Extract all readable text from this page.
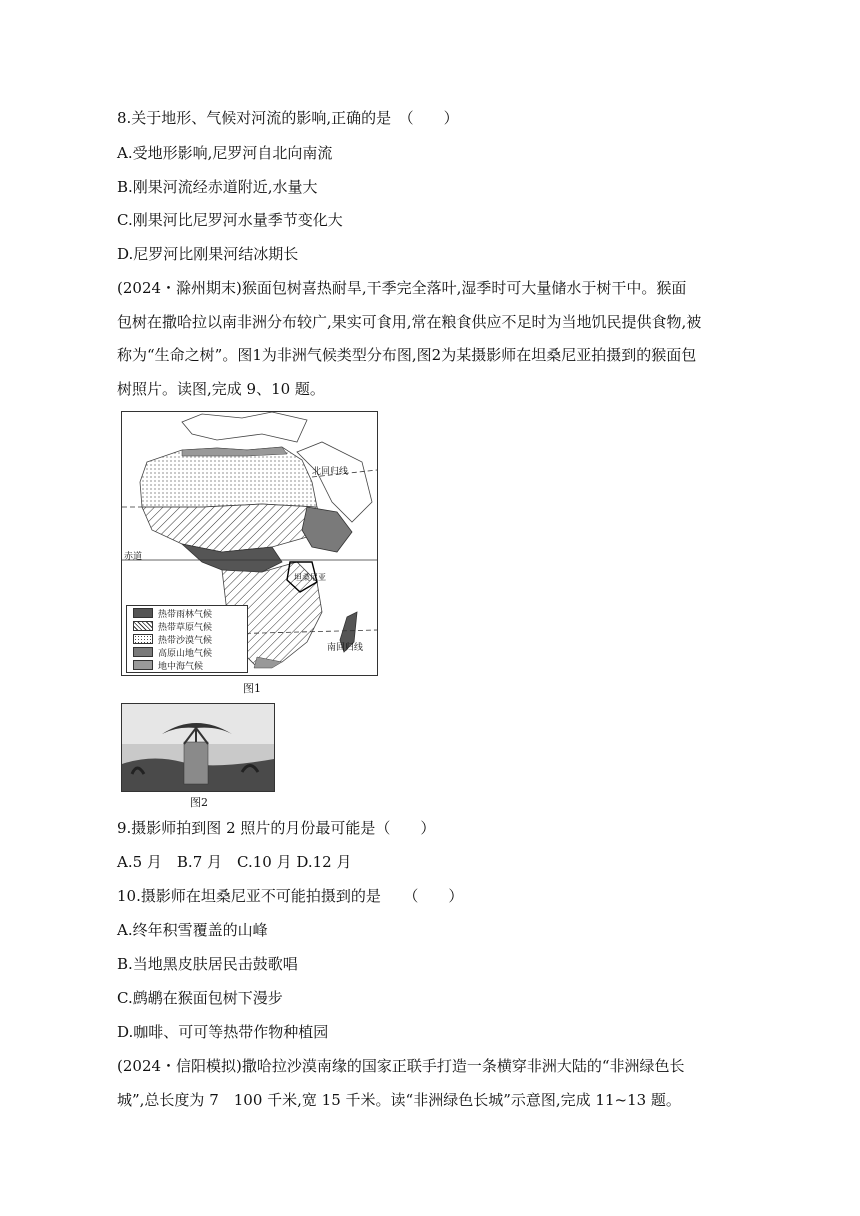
8.关于地形、气候对河流的影响,正确的是　（　　）
A.受地形影响,尼罗河自北向南流
B.刚果河流经赤道附近,水量大
C.刚果河比尼罗河水量季节变化大
D.尼罗河比刚果河结冰期长
(2024・滁州期末)猴面包树喜热耐旱,干季完全落叶,湿季时可大量储水于树干中。猴面
包树在撒哈拉以南非洲分布较广,果实可食用,常在粮食供应不足时为当地饥民提供食物,被
称为“生命之树”。图1为非洲气候类型分布图,图2为某摄影师在坦桑尼亚拍摄到的猴面包
树照片。读图,完成 9、10 题。
赤道
北回归线
南回归线
坦桑尼亚
热带雨林气候
热带草原气候
热带沙漠气候
高原山地气候
地中海气候
图1
图2
9.摄影师拍到图 2 照片的月份最可能是（　　）
A.5 月　B.7 月　C.10 月 D.12 月
10.摄影师在坦桑尼亚不可能拍摄到的是　　（　　）
A.终年积雪覆盖的山峰
B.当地黑皮肤居民击鼓歌唱
C.鹧鹕在猴面包树下漫步
D.咖啡、可可等热带作物种植园
(2024・信阳模拟)撒哈拉沙漠南缘的国家正联手打造一条横穿非洲大陆的“非洲绿色长
城”,总长度为 7　100 千米,宽 15 千米。读“非洲绿色长城”示意图,完成 11~13 题。
